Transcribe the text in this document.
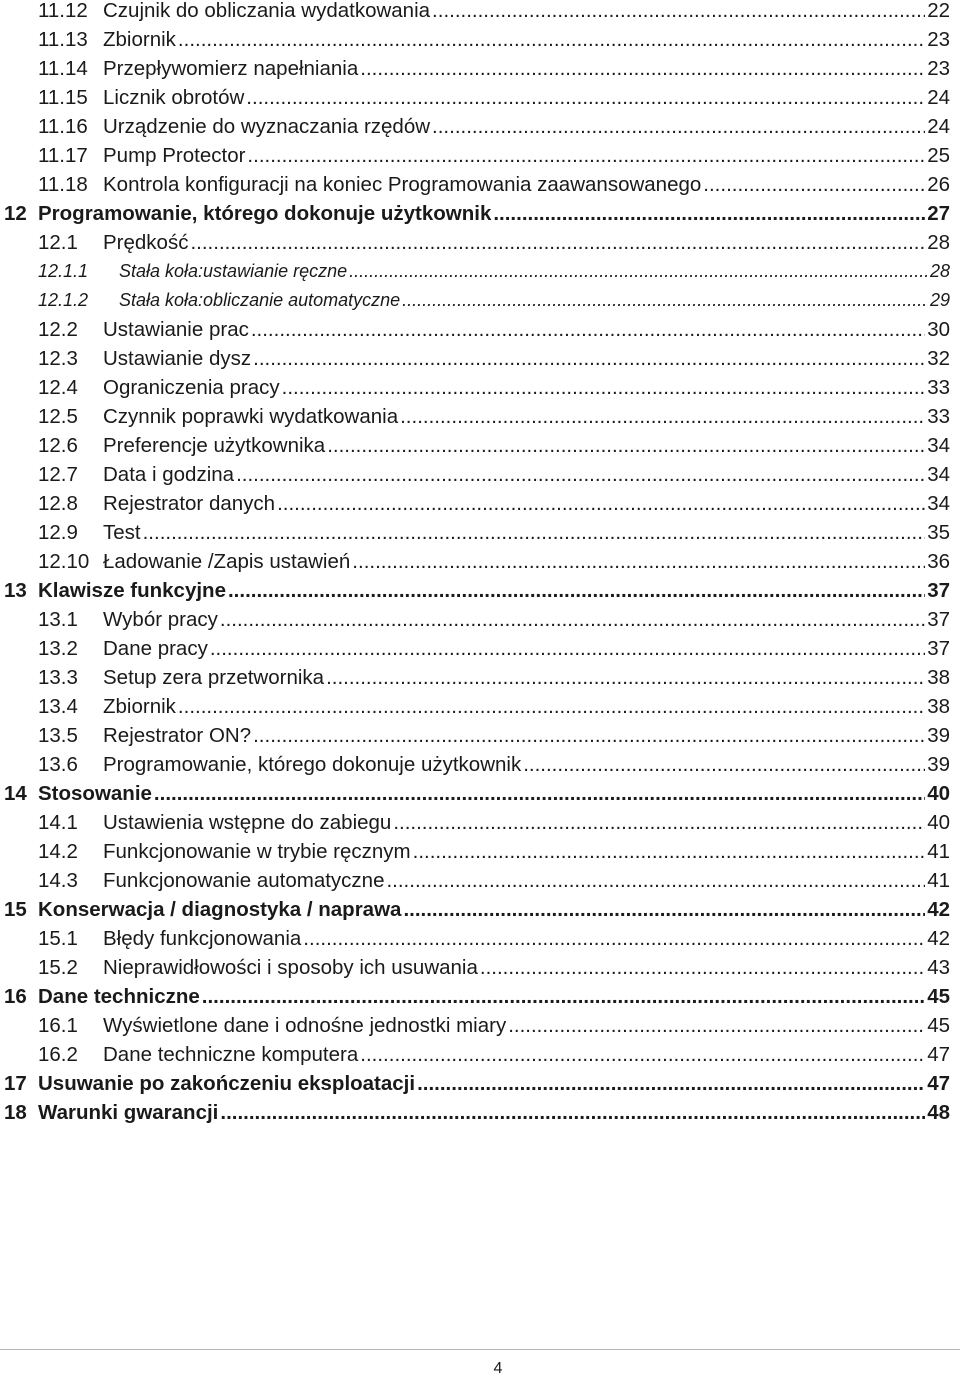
11.12 Czujnik do obliczania wydatkowania .....	22
11.13 Zbiornik .....	23
11.14 Przepływomierz napełniania .....	23
11.15 Licznik obrotów .....	24
11.16 Urządzenie do wyznaczania rzędów .....	24
11.17 Pump Protector .....	25
11.18 Kontrola konfiguracji na koniec Programowania zaawansowanego .....	26
12 Programowanie, którego dokonuje użytkownik .....	27
12.1 Prędkość .....	28
12.1.1 Stała koła:ustawianie ręczne .....	28
12.1.2 Stała koła:obliczanie automatyczne .....	29
12.2 Ustawianie prac .....	30
12.3 Ustawianie dysz .....	32
12.4 Ograniczenia pracy .....	33
12.5 Czynnik poprawki wydatkowania .....	33
12.6 Preferencje użytkownika .....	34
12.7 Data i godzina .....	34
12.8 Rejestrator danych .....	34
12.9 Test .....	35
12.10 Ładowanie /Zapis ustawień .....	36
13 Klawisze funkcyjne .....	37
13.1 Wybór pracy .....	37
13.2 Dane pracy .....	37
13.3 Setup zera przetwornika .....	38
13.4 Zbiornik .....	38
13.5 Rejestrator ON? .....	39
13.6 Programowanie, którego dokonuje użytkownik .....	39
14 Stosowanie .....	40
14.1 Ustawienia wstępne do zabiegu .....	40
14.2 Funkcjonowanie w trybie ręcznym .....	41
14.3 Funkcjonowanie automatyczne .....	41
15 Konserwacja / diagnostyka / naprawa .....	42
15.1 Błędy funkcjonowania .....	42
15.2 Nieprawidłowości i sposoby ich usuwania .....	43
16 Dane techniczne .....	45
16.1 Wyświetlone dane i odnośne jednostki miary .....	45
16.2 Dane techniczne komputera .....	47
17 Usuwanie po zakończeniu eksploatacji .....	47
18 Warunki gwarancji .....	48
4
